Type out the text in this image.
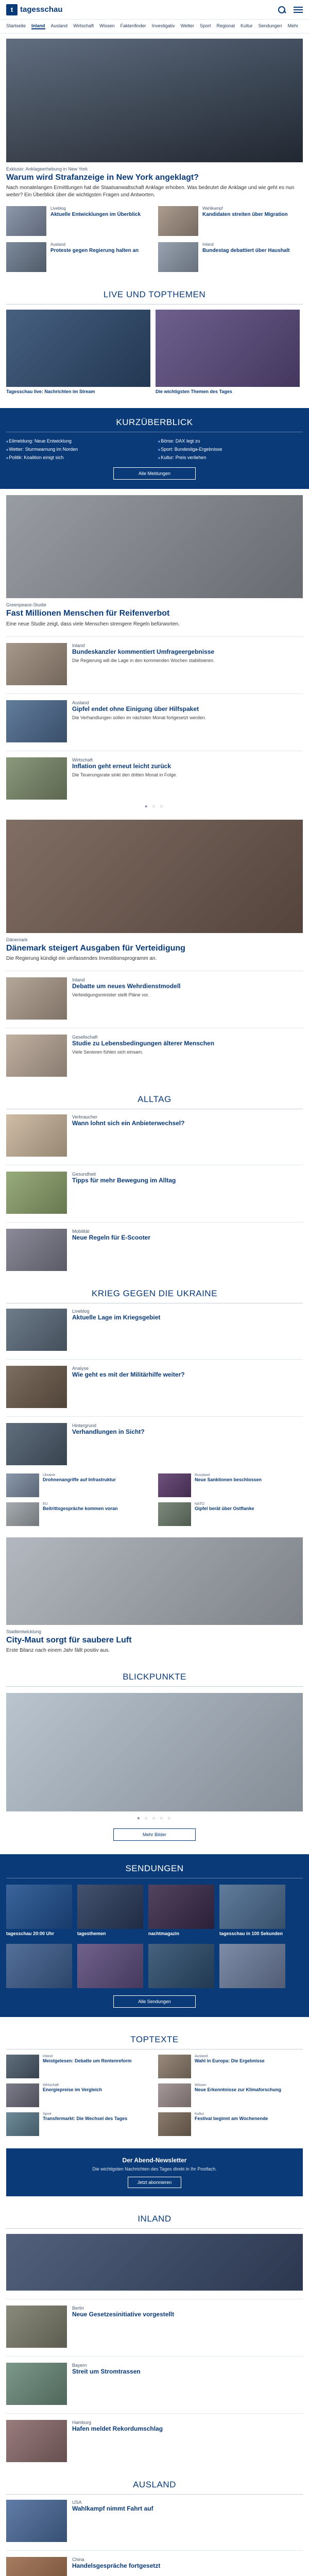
t tagesschau
Startseite Inland Ausland Wirtschaft Wissen Faktenfinder Investigativ Wetter Sport Regional Kultur Sendungen Mehr
Exklusiv: Anklageerhebung in New York
Warum wird Strafanzeige in New York angeklagt?
Nach monatelangen Ermittlungen hat die Staatsanwaltschaft Anklage erhoben. Was bedeutet die Anklage und wie geht es nun weiter? Ein Überblick über die wichtigsten Fragen und Antworten.
Liveblog
Aktuelle Entwicklungen im Überblick
Wahlkampf
Kandidaten streiten über Migration
Ausland
Proteste gegen Regierung halten an
Inland
Bundestag debattiert über Haushalt
LIVE UND TOPTHEMEN
Tagesschau live: Nachrichten im Stream	Die wichtigsten Themen des Tages
KURZÜBERBLICK
■ Eilmeldung: Neue Entwicklung	■ Börse: DAX legt zu
■ Wetter: Sturmwarnung im Norden	■ Sport: Bundesliga-Ergebnisse
■ Politik: Koalition einigt sich	■ Kultur: Preis verliehen
Alle Meldungen
Greenpeace-Studie
Fast Millionen Menschen für Reifenverbot
Eine neue Studie zeigt, dass viele Menschen strengere Regeln befürworten.
Inland
Bundeskanzler kommentiert Umfrageergebnisse
Die Regierung will die Lage in den kommenden Wochen stabilisieren.
Ausland
Gipfel endet ohne Einigung über Hilfspaket
Die Verhandlungen sollen im nächsten Monat fortgesetzt werden.
Wirtschaft
Inflation geht erneut leicht zurück
Die Teuerungsrate sinkt den dritten Monat in Folge.
● ○ ○
Dänemark
Dänemark steigert Ausgaben für Verteidigung
Die Regierung kündigt ein umfassendes Investitionsprogramm an.
Inland
Debatte um neues Wehrdienstmodell
Verteidigungsminister stellt Pläne vor.
Gesellschaft
Studie zu Lebensbedingungen älterer Menschen
Viele Senioren fühlen sich einsam.
ALLTAG
Verbraucher
Wann lohnt sich ein Anbieterwechsel?
Gesundheit
Tipps für mehr Bewegung im Alltag
Mobilität
Neue Regeln für E-Scooter
KRIEG GEGEN DIE UKRAINE
Liveblog
Aktuelle Lage im Kriegsgebiet
Analyse
Wie geht es mit der Militärhilfe weiter?
Hintergrund
Verhandlungen in Sicht?
Ukraine
Drohnenangriffe auf Infrastruktur
Russland
Neue Sanktionen beschlossen
EU
Beitrittsgespräche kommen voran
NATO
Gipfel berät über Ostflanke
Stadtentwicklung
City-Maut sorgt für saubere Luft
Erste Bilanz nach einem Jahr fällt positiv aus.
BLICKPUNKTE
● ○ ○ ○ ○
Mehr Bilder
SENDUNGEN
tagesschau 20:00 Uhr	tagesthemen	nachtmagazin	tagesschau in 100 Sekunden
Alle Sendungen
TOPTEXTE
Inland
Meistgelesen: Debatte um Rentenreform
Ausland
Wahl in Europa: Die Ergebnisse
Wirtschaft
Energiepreise im Vergleich
Wissen
Neue Erkenntnisse zur Klimaforschung
Sport
Transfermarkt: Die Wechsel des Tages
Kultur
Festival beginnt am Wochenende
Der Abend-Newsletter
Die wichtigsten Nachrichten des Tages direkt in Ihr Postfach.
Jetzt abonnieren
INLAND
Berlin
Neue Gesetzesinitiative vorgestellt
Bayern
Streit um Stromtrassen
Hamburg
Hafen meldet Rekordumschlag
AUSLAND
USA
Wahlkampf nimmt Fahrt auf
China
Handelsgespräche fortgesetzt
